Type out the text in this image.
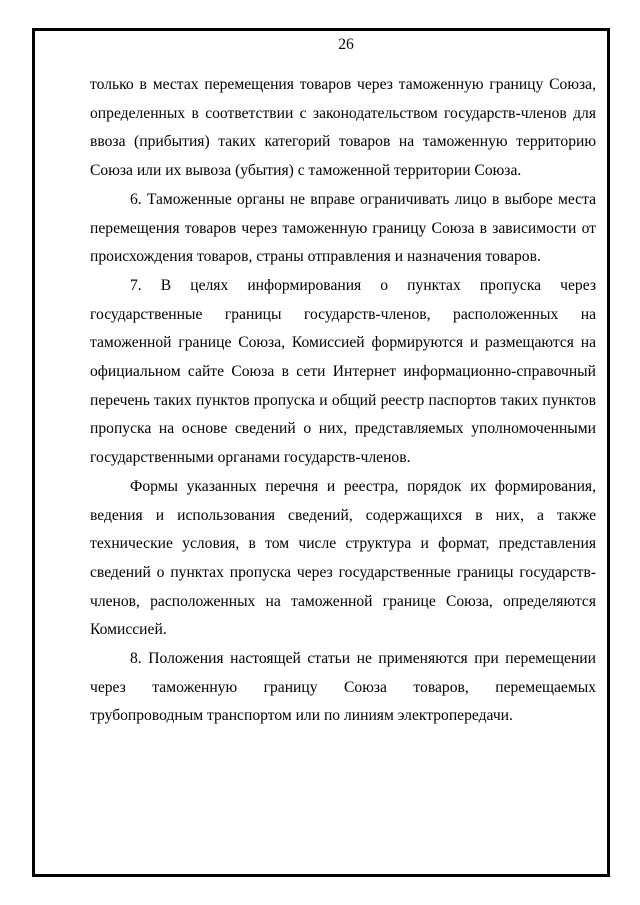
26

только в местах перемещения товаров через таможенную границу Союза, определенных в соответствии с законодательством государств-членов для ввоза (прибытия) таких категорий товаров на таможенную территорию Союза или их вывоза (убытия) с таможенной территории Союза.

6. Таможенные органы не вправе ограничивать лицо в выборе места перемещения товаров через таможенную границу Союза в зависимости от происхождения товаров, страны отправления и назначения товаров.

7. В целях информирования о пунктах пропуска через государственные границы государств-членов, расположенных на таможенной границе Союза, Комиссией формируются и размещаются на официальном сайте Союза в сети Интернет информационно-справочный перечень таких пунктов пропуска и общий реестр паспортов таких пунктов пропуска на основе сведений о них, представляемых уполномоченными государственными органами государств-членов.

Формы указанных перечня и реестра, порядок их формирования, ведения и использования сведений, содержащихся в них, а также технические условия, в том числе структура и формат, представления сведений о пунктах пропуска через государственные границы государств-членов, расположенных на таможенной границе Союза, определяются Комиссией.

8. Положения настоящей статьи не применяются при перемещении через таможенную границу Союза товаров, перемещаемых трубопроводным транспортом или по линиям электропередачи.
